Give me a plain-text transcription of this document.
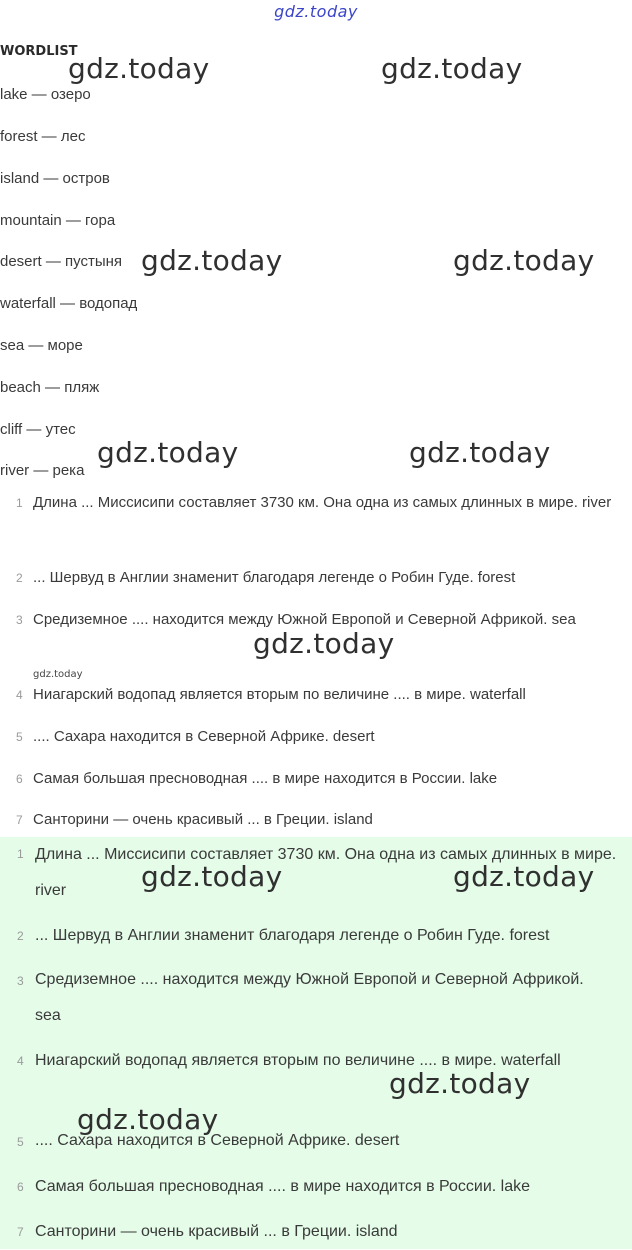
gdz.today
WORDLIST
lake — озеро
forest — лес
island — остров
mountain — гора
desert — пустыня
waterfall — водопад
sea — море
beach — пляж
cliff — утес
river — река
1 Длина ... Миссисипи составляет 3730 км. Она одна из самых длинных в мире. river
2 ... Шервуд в Англии знаменит благодаря легенде о Робин Гуде. forest
3 Средиземное .... находится между Южной Европой и Северной Африкой. sea
4 Ниагарский водопад является вторым по величине .... в мире. waterfall
5 .... Сахара находится в Северной Африке. desert
6 Самая большая пресноводная .... в мире находится в России. lake
7 Санторини — очень красивый ... в Греции. island
1 Длина ... Миссисипи составляет 3730 км. Она одна из самых длинных в мире. river
2 ... Шервуд в Англии знаменит благодаря легенде о Робин Гуде. forest
3 Средиземное .... находится между Южной Европой и Северной Африкой. sea
4 Ниагарский водопад является вторым по величине .... в мире. waterfall
5 .... Сахара находится в Северной Африке. desert
6 Самая большая пресноводная .... в мире находится в России. lake
7 Санторини — очень красивый ... в Греции. island
gdz.today	gdz.today
gdz.today	gdz.today
gdz.today	gdz.today
gdz.today
gdz.today
gdz.today	gdz.today
gdz.today
gdz.today
